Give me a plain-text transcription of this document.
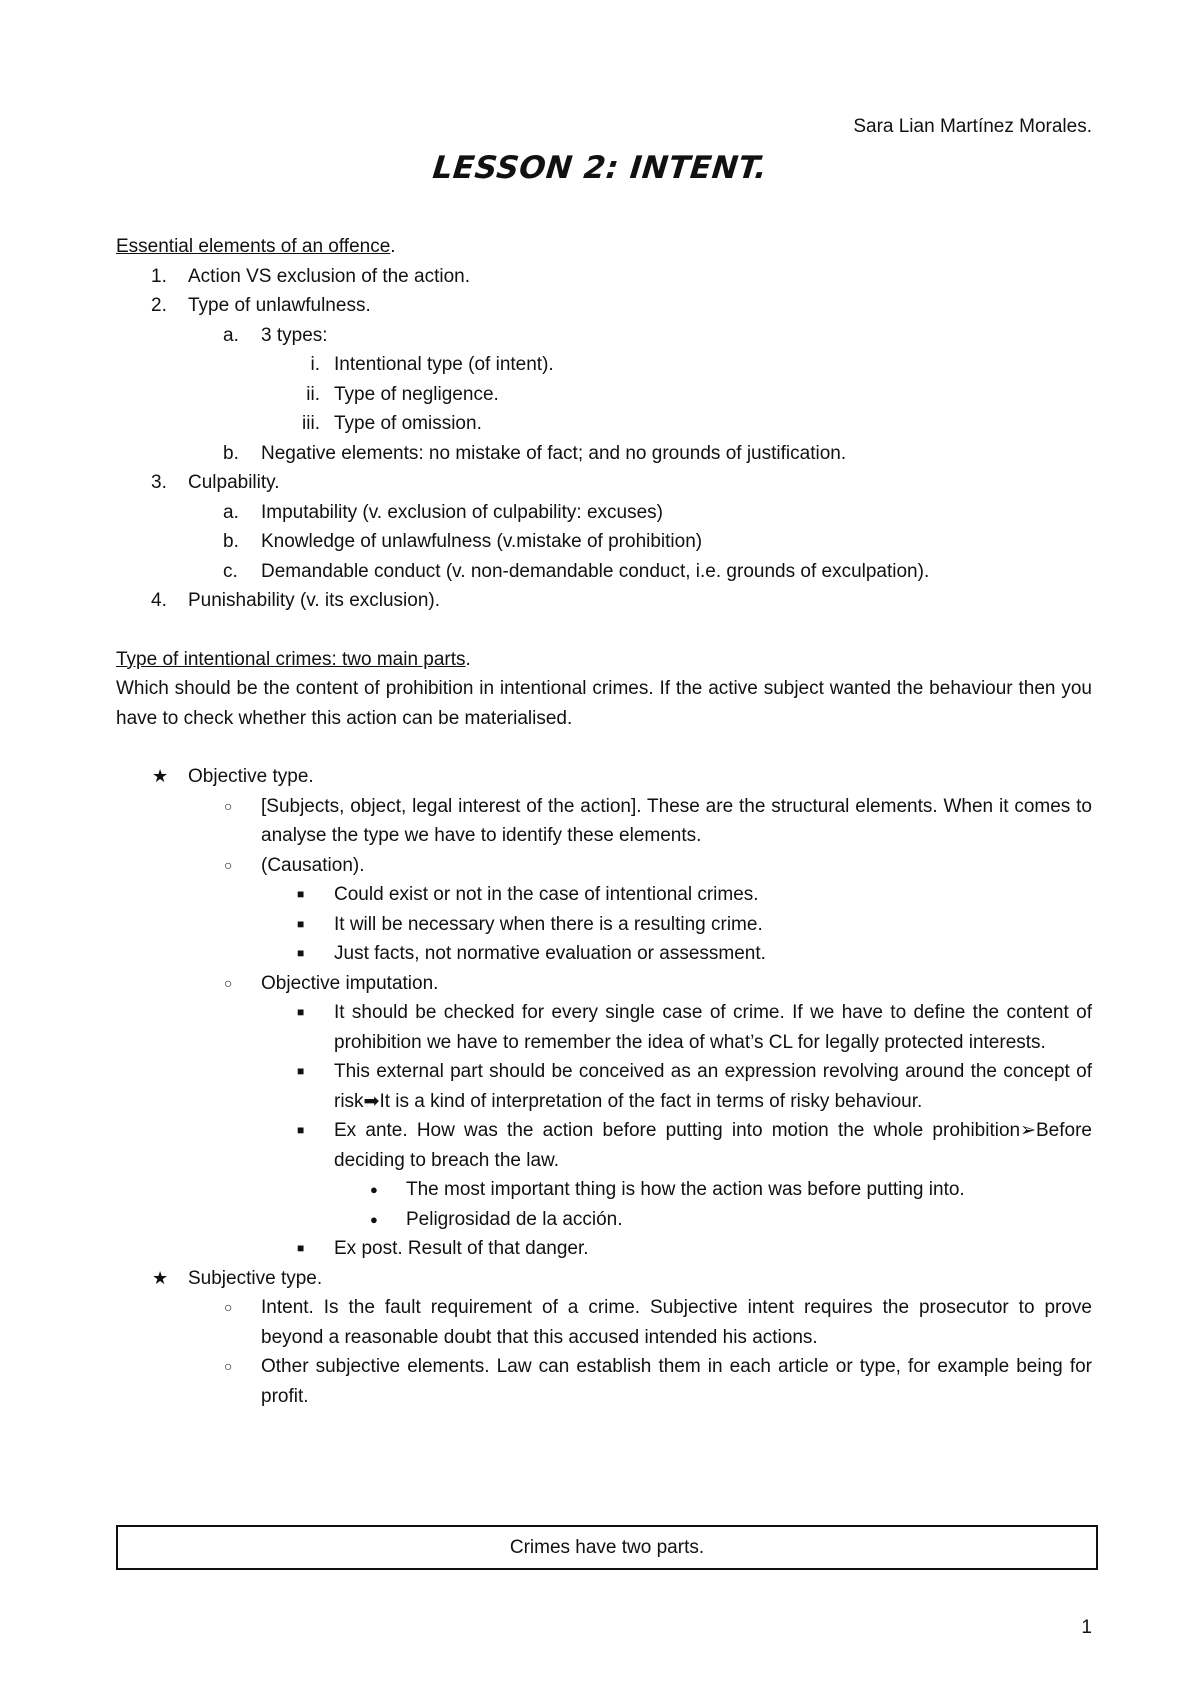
Sara Lian Martínez Morales.
LESSON 2: INTENT.

Essential elements of an offence.

1. Action VS exclusion of the action.

2. Type of unlawfulness.

a. 3 types:

i. Intentional type (of intent).

ii. Type of negligence.

iii. Type of omission.

b. Negative elements: no mistake of fact; and no grounds of justification.

3. Culpability.

a. Imputability (v. exclusion of culpability: excuses)

b. Knowledge of unlawfulness (v.mistake of prohibition)

c. Demandable conduct (v. non-demandable conduct, i.e. grounds of exculpation).

4. Punishability (v. its exclusion).

Type of intentional crimes: two main parts.

Which should be the content of prohibition in intentional crimes. If the active subject wanted the behaviour then you have to check whether this action can be materialised.

★ Objective type.

○ [Subjects, object, legal interest of the action]. These are the structural elements. When it comes to analyse the type we have to identify these elements.

○ (Causation).

■ Could exist or not in the case of intentional crimes.

■ It will be necessary when there is a resulting crime.

■ Just facts, not normative evaluation or assessment.

○ Objective imputation.

■ It should be checked for every single case of crime. If we have to define the content of prohibition we have to remember the idea of what’s CL for legally protected interests.

■ This external part should be conceived as an expression revolving around the concept of risk➡It is a kind of interpretation of the fact in terms of risky behaviour.

■ Ex ante. How was the action before putting into motion the whole prohibition➢Before deciding to breach the law.

● The most important thing is how the action was before putting into.

● Peligrosidad de la acción.

■ Ex post. Result of that danger.

★ Subjective type.

○ Intent. Is the fault requirement of a crime. Subjective intent requires the prosecutor to prove beyond a reasonable doubt that this accused intended his actions.

○ Other subjective elements. Law can establish them in each article or type, for example being for profit.

Crimes have two parts.
1
